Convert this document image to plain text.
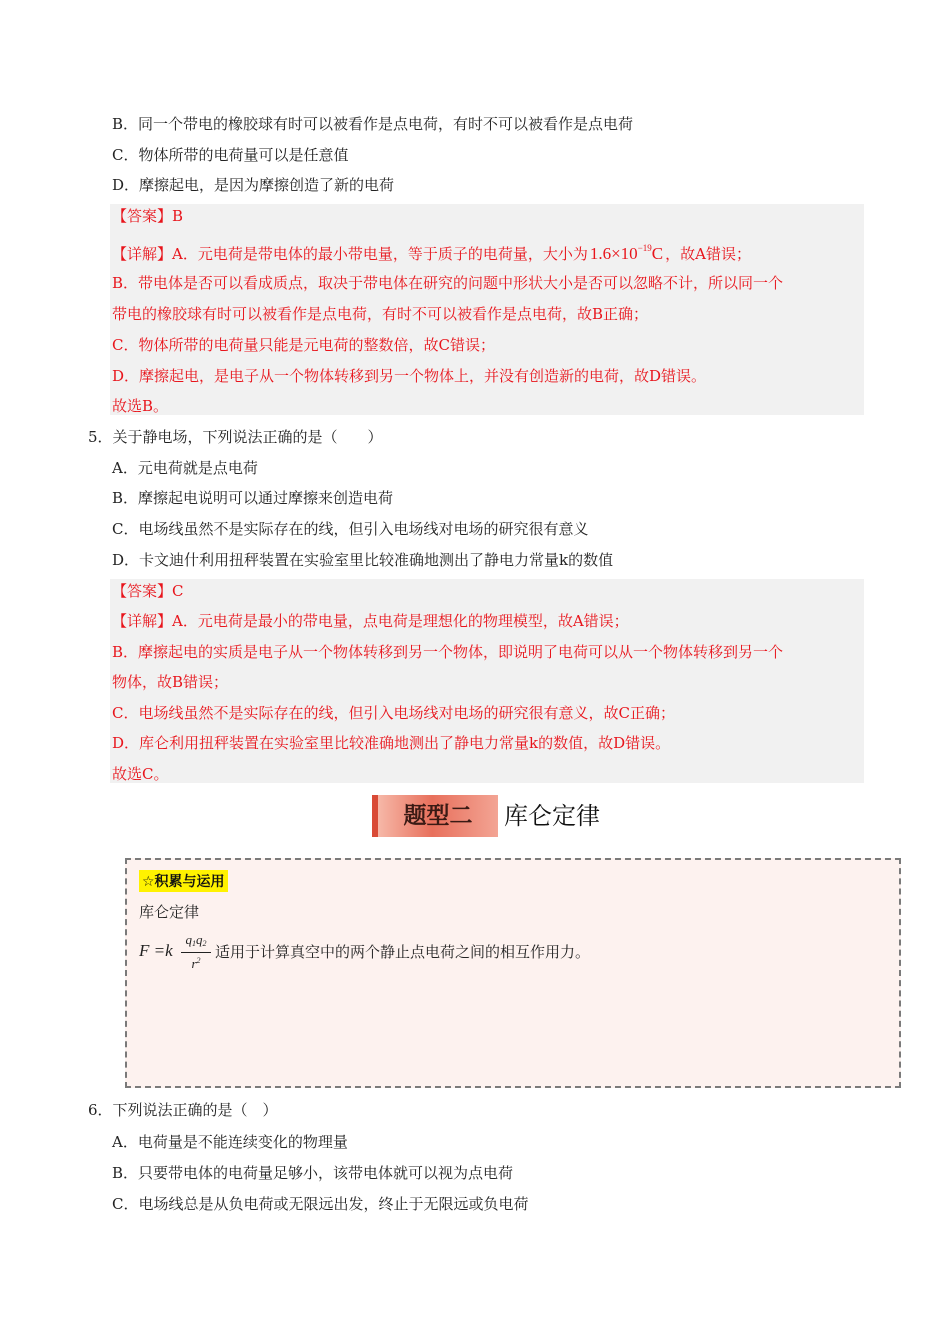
B．同一个带电的橡胶球有时可以被看作是点电荷，有时不可以被看作是点电荷
C．物体所带的电荷量可以是任意值
D．摩擦起电，是因为摩擦创造了新的电荷
【答案】B
【详解】A．元电荷是带电体的最小带电量，等于质子的电荷量，大小为 $1.6\times 10^{-19}C$ ，故A错误；
B．带电体是否可以看成质点，取决于带电体在研究的问题中形状大小是否可以忽略不计，所以同一个
带电的橡胶球有时可以被看作是点电荷，有时不可以被看作是点电荷，故B正确；
C．物体所带的电荷量只能是元电荷的整数倍，故C错误；
D．摩擦起电，是电子从一个物体转移到另一个物体上，并没有创造新的电荷，故D错误。
故选B。
5．关于静电场，下列说法正确的是（　　）
A．元电荷就是点电荷
B．摩擦起电说明可以通过摩擦来创造电荷
C．电场线虽然不是实际存在的线，但引入电场线对电场的研究很有意义
D．卡文迪什利用扭秤装置在实验室里比较准确地测出了静电力常量k的数值
【答案】C
【详解】A．元电荷是最小的带电量，点电荷是理想化的物理模型，故A错误；
B．摩擦起电的实质是电子从一个物体转移到另一个物体，即说明了电荷可以从一个物体转移到另一个
物体，故B错误；
C．电场线虽然不是实际存在的线，但引入电场线对电场的研究很有意义，故C正确；
D．库仑利用扭秤装置在实验室里比较准确地测出了静电力常量k的数值，故D错误。
故选C。
题型二	库仑定律
☆积累与运用
库仑定律
$F =k \frac{q_1q_2}{r^2}$ 适用于计算真空中的两个静止点电荷之间的相互作用力。
6．下列说法正确的是（　）
A．电荷量是不能连续变化的物理量
B．只要带电体的电荷量足够小，该带电体就可以视为点电荷
C．电场线总是从负电荷或无限远出发，终止于无限远或负电荷
